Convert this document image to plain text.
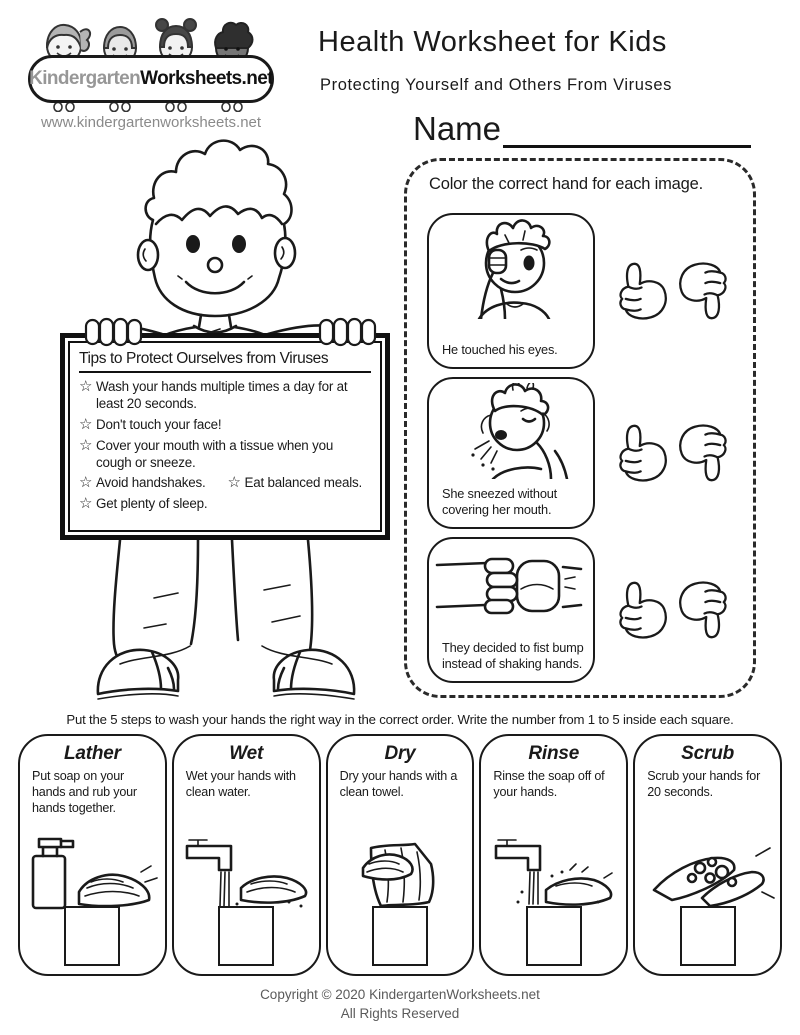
Kindergarten Worksheets.net
www.kindergartenworksheets.net
Health Worksheet for Kids
Protecting Yourself and Others From Viruses
Name
Tips to Protect Ourselves from Viruses
☆ Wash your hands multiple times a day for at least 20 seconds.
☆ Don't touch your face!
☆ Cover your mouth with a tissue when you cough or sneeze.
☆ Avoid handshakes. ☆ Eat balanced meals.
☆ Get plenty of sleep.
Color the correct hand for each image.
He touched his eyes.
She sneezed without covering her mouth.
They decided to fist bump instead of shaking hands.
Put the 5 steps to wash your hands the right way in the correct order. Write the number from 1 to 5 inside each square.
Lather
Put soap on your hands and rub your hands together.
Wet
Wet your hands with clean water.
Dry
Dry your hands with a clean towel.
Rinse
Rinse the soap off of your hands.
Scrub
Scrub your hands for 20 seconds.
Copyright © 2020 KindergartenWorksheets.net
All Rights Reserved
